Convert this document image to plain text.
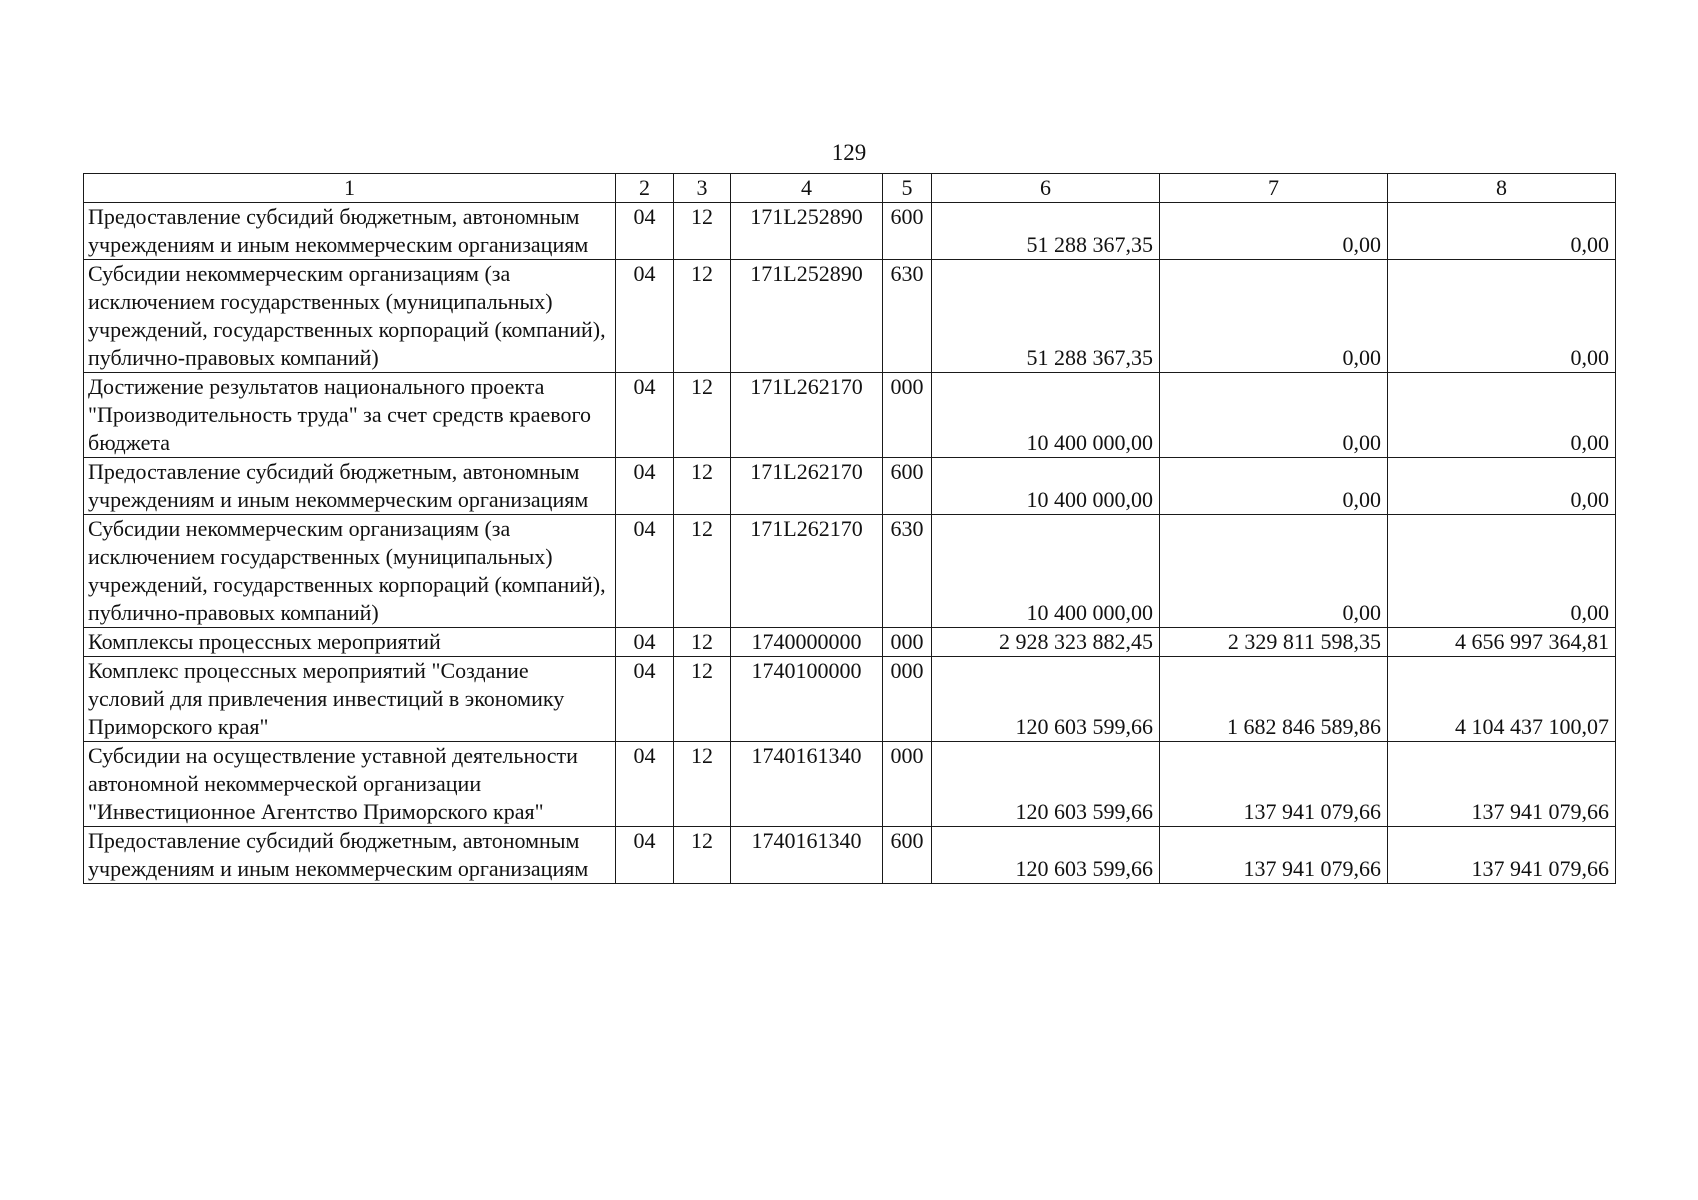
129
1	2	3	4	5	6	7	8
Предоставление субсидий бюджетным, автономным учреждениям и иным некоммерческим организациям	04	12	171L252890	600	51 288 367,35	0,00	0,00
Субсидии некоммерческим организациям (за исключением государственных (муниципальных) учреждений, государственных корпораций (компаний), публично-правовых компаний)	04	12	171L252890	630	51 288 367,35	0,00	0,00
Достижение результатов национального проекта "Производительность труда" за счет средств краевого бюджета	04	12	171L262170	000	10 400 000,00	0,00	0,00
Предоставление субсидий бюджетным, автономным учреждениям и иным некоммерческим организациям	04	12	171L262170	600	10 400 000,00	0,00	0,00
Субсидии некоммерческим организациям (за исключением государственных (муниципальных) учреждений, государственных корпораций (компаний), публично-правовых компаний)	04	12	171L262170	630	10 400 000,00	0,00	0,00
Комплексы процессных мероприятий	04	12	1740000000	000	2 928 323 882,45	2 329 811 598,35	4 656 997 364,81
Комплекс процессных мероприятий "Создание условий для привлечения инвестиций в экономику Приморского края"	04	12	1740100000	000	120 603 599,66	1 682 846 589,86	4 104 437 100,07
Субсидии на осуществление уставной деятельности автономной некоммерческой организации "Инвестиционное Агентство Приморского края"	04	12	1740161340	000	120 603 599,66	137 941 079,66	137 941 079,66
Предоставление субсидий бюджетным, автономным учреждениям и иным некоммерческим организациям	04	12	1740161340	600	120 603 599,66	137 941 079,66	137 941 079,66
